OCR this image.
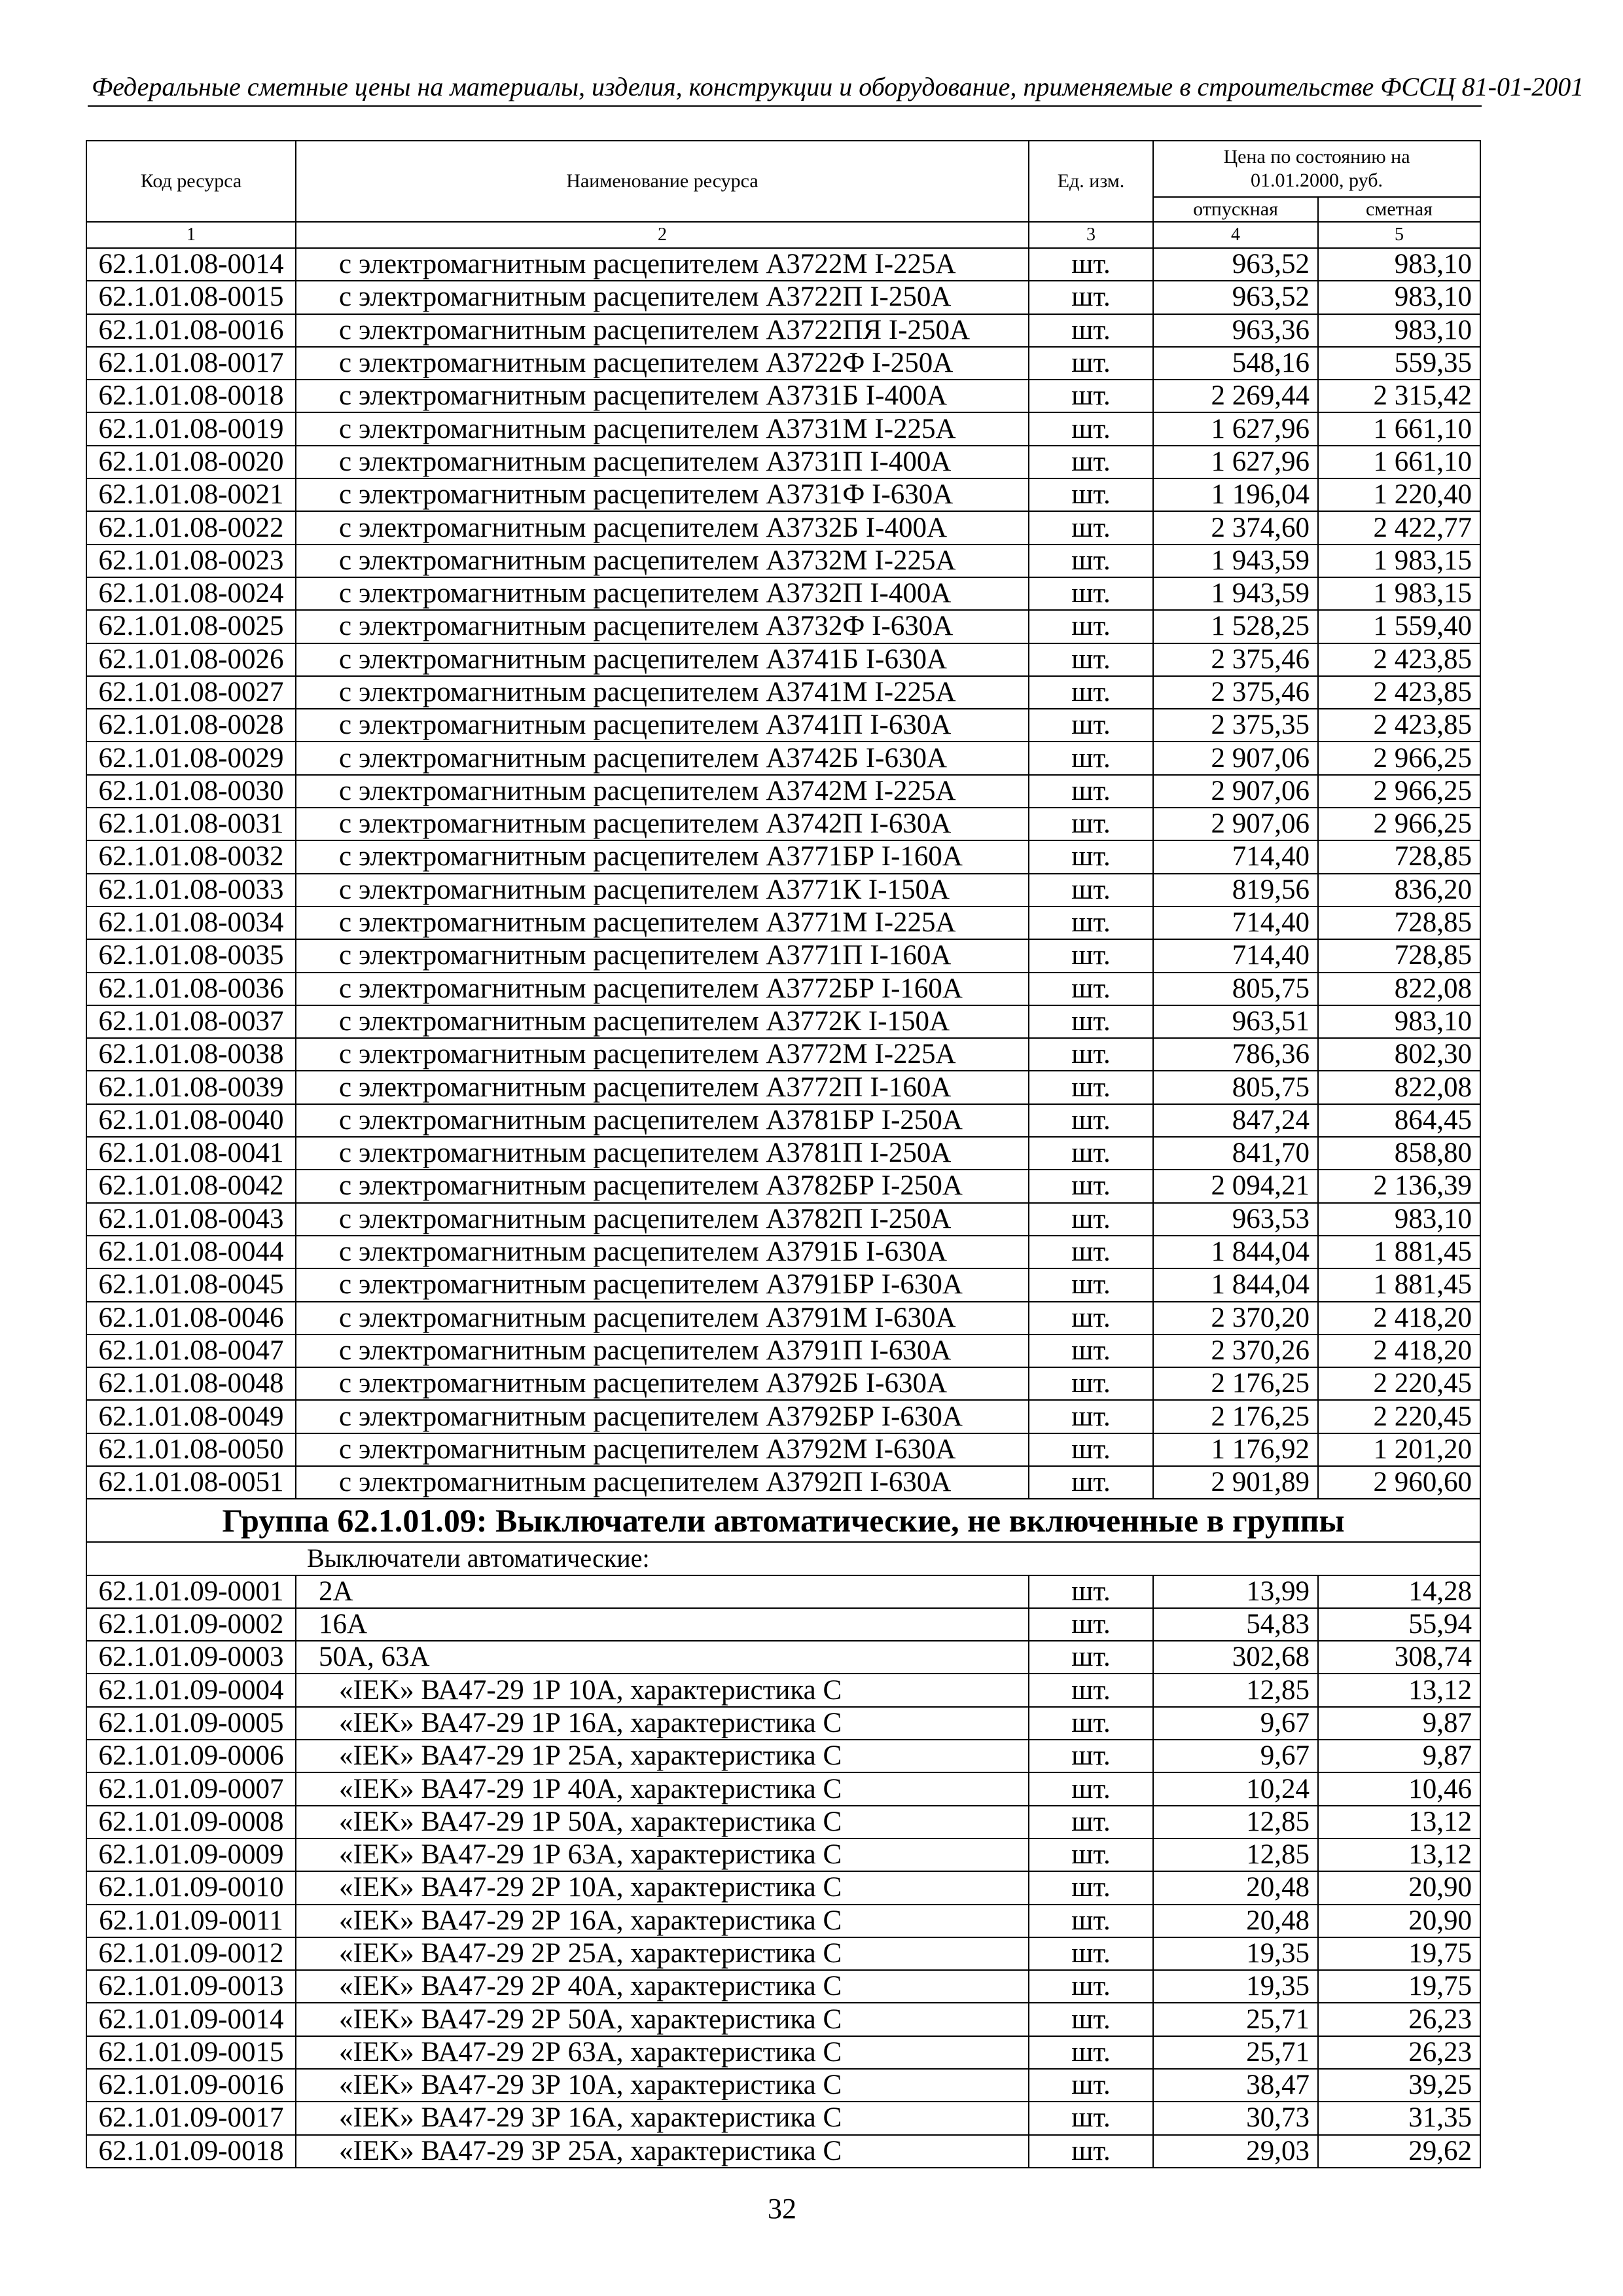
Федеральные сметные цены на материалы, изделия, конструкции и оборудование, применяемые в строительстве ФССЦ 81-01-2001
Код ресурса	Наименование ресурса	Ед. изм.	Цена по состоянию на
01.01.2000, руб.	

			отпускная	сметная
1	2	3	4	5
62.1.01.08-0014	с электромагнитным расцепителем А3722М I-225А	шт.	963,52	983,10
62.1.01.08-0015	с электромагнитным расцепителем А3722П I-250А	шт.	963,52	983,10
62.1.01.08-0016	с электромагнитным расцепителем А3722ПЯ I-250А	шт.	963,36	983,10
62.1.01.08-0017	с электромагнитным расцепителем А3722Ф I-250А	шт.	548,16	559,35
62.1.01.08-0018	с электромагнитным расцепителем А3731Б I-400А	шт.	2 269,44	2 315,42
62.1.01.08-0019	с электромагнитным расцепителем А3731М I-225А	шт.	1 627,96	1 661,10
62.1.01.08-0020	с электромагнитным расцепителем А3731П I-400А	шт.	1 627,96	1 661,10
62.1.01.08-0021	с электромагнитным расцепителем А3731Ф I-630А	шт.	1 196,04	1 220,40
62.1.01.08-0022	с электромагнитным расцепителем А3732Б I-400А	шт.	2 374,60	2 422,77
62.1.01.08-0023	с электромагнитным расцепителем А3732М I-225А	шт.	1 943,59	1 983,15
62.1.01.08-0024	с электромагнитным расцепителем А3732П I-400А	шт.	1 943,59	1 983,15
62.1.01.08-0025	с электромагнитным расцепителем А3732Ф I-630А	шт.	1 528,25	1 559,40
62.1.01.08-0026	с электромагнитным расцепителем А3741Б I-630А	шт.	2 375,46	2 423,85
62.1.01.08-0027	с электромагнитным расцепителем А3741М I-225А	шт.	2 375,46	2 423,85
62.1.01.08-0028	с электромагнитным расцепителем А3741П I-630А	шт.	2 375,35	2 423,85
62.1.01.08-0029	с электромагнитным расцепителем А3742Б I-630А	шт.	2 907,06	2 966,25
62.1.01.08-0030	с электромагнитным расцепителем А3742М I-225А	шт.	2 907,06	2 966,25
62.1.01.08-0031	с электромагнитным расцепителем А3742П I-630А	шт.	2 907,06	2 966,25
62.1.01.08-0032	с электромагнитным расцепителем А3771БР I-160А	шт.	714,40	728,85
62.1.01.08-0033	с электромагнитным расцепителем А3771К I-150А	шт.	819,56	836,20
62.1.01.08-0034	с электромагнитным расцепителем А3771М I-225А	шт.	714,40	728,85
62.1.01.08-0035	с электромагнитным расцепителем А3771П I-160А	шт.	714,40	728,85
62.1.01.08-0036	с электромагнитным расцепителем А3772БР I-160А	шт.	805,75	822,08
62.1.01.08-0037	с электромагнитным расцепителем А3772К I-150А	шт.	963,51	983,10
62.1.01.08-0038	с электромагнитным расцепителем А3772М I-225А	шт.	786,36	802,30
62.1.01.08-0039	с электромагнитным расцепителем А3772П I-160А	шт.	805,75	822,08
62.1.01.08-0040	с электромагнитным расцепителем А3781БР I-250А	шт.	847,24	864,45
62.1.01.08-0041	с электромагнитным расцепителем А3781П I-250А	шт.	841,70	858,80
62.1.01.08-0042	с электромагнитным расцепителем А3782БР I-250А	шт.	2 094,21	2 136,39
62.1.01.08-0043	с электромагнитным расцепителем А3782П I-250А	шт.	963,53	983,10
62.1.01.08-0044	с электромагнитным расцепителем А3791Б I-630А	шт.	1 844,04	1 881,45
62.1.01.08-0045	с электромагнитным расцепителем А3791БР I-630А	шт.	1 844,04	1 881,45
62.1.01.08-0046	с электромагнитным расцепителем А3791М I-630А	шт.	2 370,20	2 418,20
62.1.01.08-0047	с электромагнитным расцепителем А3791П I-630А	шт.	2 370,26	2 418,20
62.1.01.08-0048	с электромагнитным расцепителем А3792Б I-630А	шт.	2 176,25	2 220,45
62.1.01.08-0049	с электромагнитным расцепителем А3792БР I-630А	шт.	2 176,25	2 220,45
62.1.01.08-0050	с электромагнитным расцепителем А3792М I-630А	шт.	1 176,92	1 201,20
62.1.01.08-0051	с электромагнитным расцепителем А3792П I-630А	шт.	2 901,89	2 960,60
Группа 62.1.01.09: Выключатели автоматические, не включенные в группы				
Выключатели автоматические:				
62.1.01.09-0001	2А	шт.	13,99	14,28
62.1.01.09-0002	16А	шт.	54,83	55,94
62.1.01.09-0003	50А, 63А	шт.	302,68	308,74
62.1.01.09-0004	«IEK» ВА47-29 1Р 10А, характеристика С	шт.	12,85	13,12
62.1.01.09-0005	«IEK» ВА47-29 1Р 16А, характеристика С	шт.	9,67	9,87
62.1.01.09-0006	«IEK» ВА47-29 1Р 25А, характеристика С	шт.	9,67	9,87
62.1.01.09-0007	«IEK» ВА47-29 1Р 40А, характеристика С	шт.	10,24	10,46
62.1.01.09-0008	«IEK» ВА47-29 1Р 50А, характеристика С	шт.	12,85	13,12
62.1.01.09-0009	«IEK» ВА47-29 1Р 63А, характеристика С	шт.	12,85	13,12
62.1.01.09-0010	«IEK» ВА47-29 2Р 10А, характеристика С	шт.	20,48	20,90
62.1.01.09-0011	«IEK» ВА47-29 2Р 16А, характеристика С	шт.	20,48	20,90
62.1.01.09-0012	«IEK» ВА47-29 2Р 25А, характеристика С	шт.	19,35	19,75
62.1.01.09-0013	«IEK» ВА47-29 2Р 40А, характеристика С	шт.	19,35	19,75
62.1.01.09-0014	«IEK» ВА47-29 2Р 50А, характеристика С	шт.	25,71	26,23
62.1.01.09-0015	«IEK» ВА47-29 2Р 63А, характеристика С	шт.	25,71	26,23
62.1.01.09-0016	«IEK» ВА47-29 3Р 10А, характеристика С	шт.	38,47	39,25
62.1.01.09-0017	«IEK» ВА47-29 3Р 16А, характеристика С	шт.	30,73	31,35
62.1.01.09-0018	«IEK» ВА47-29 3Р 25А, характеристика С	шт.	29,03	29,62
32
